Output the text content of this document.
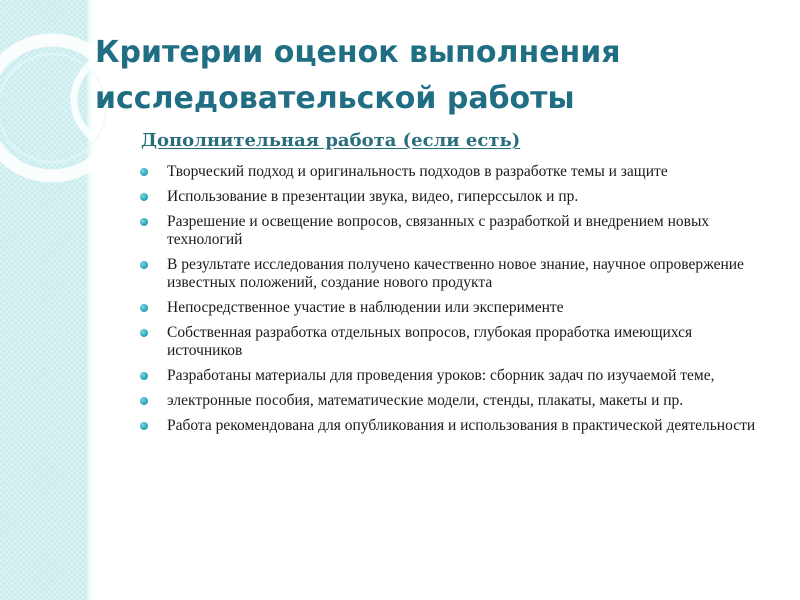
Критерии оценок выполнения исследовательской работы
Дополнительная работа (если есть)
Творческий подход и оригинальность подходов в разработке темы и защите
Использование в презентации звука, видео, гиперссылок и пр.
Разрешение и освещение вопросов, связанных с разработкой и внедрением новых технологий
В результате исследования получено качественно новое знание, научное опровержение известных положений, создание нового продукта
Непосредственное участие в наблюдении или эксперименте
Собственная разработка отдельных вопросов, глубокая проработка имеющихся источников
Разработаны материалы для проведения уроков: сборник задач по изучаемой теме,
электронные пособия, математические модели, стенды, плакаты, макеты и пр.
Работа рекомендована для опубликования и использования в практической деятельности
